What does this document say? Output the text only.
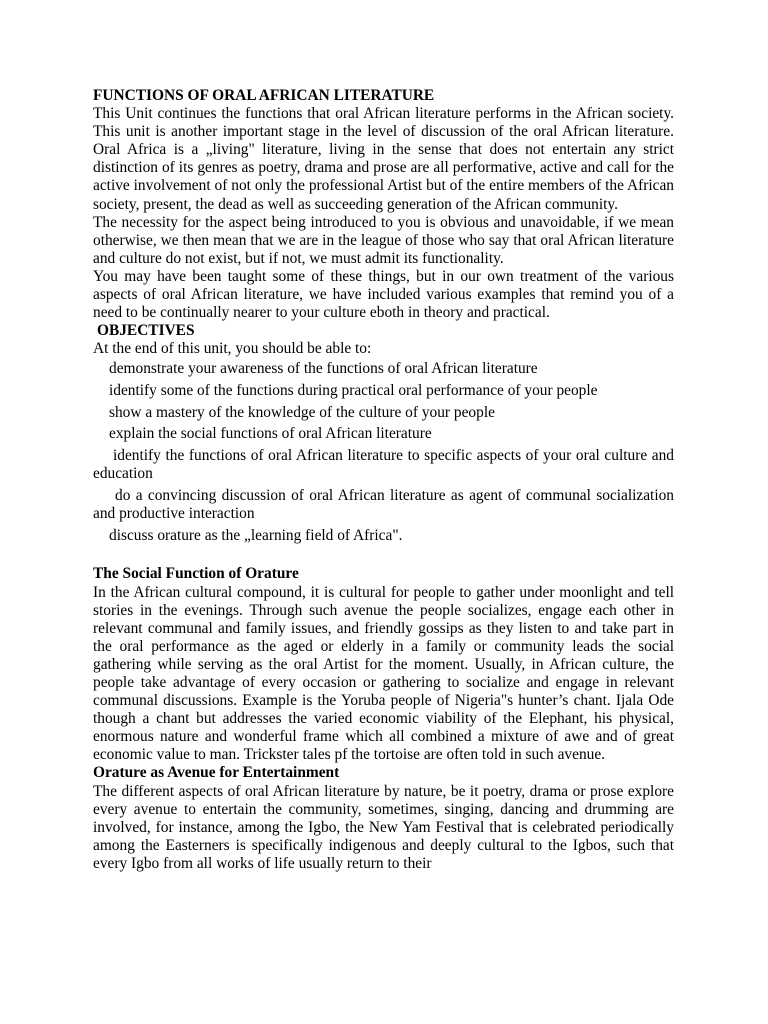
FUNCTIONS OF ORAL AFRICAN LITERATURE

This Unit continues the functions that oral African literature performs in the African society. This unit is another important stage in the level of discussion of the oral African literature. Oral Africa is a „living" literature, living in the sense that does not entertain any strict distinction of its genres as poetry, drama and prose are all performative, active and call for the active involvement of not only the professional Artist but of the entire members of the African society, present, the dead as well as succeeding generation of the African community.

The necessity for the aspect being introduced to you is obvious and unavoidable, if we mean otherwise, we then mean that we are in the league of those who say that oral African literature and culture do not exist, but if not, we must admit its functionality.

You may have been taught some of these things, but in our own treatment of the various aspects of oral African literature, we have included various examples that remind you of a need to be continually nearer to your culture eboth in theory and practical.

OBJECTIVES

At the end of this unit, you should be able to:

demonstrate your awareness of the functions of oral African literature
identify some of the functions during practical oral performance of your people
show a mastery of the knowledge of the culture of your people
explain the social functions of oral African literature
identify the functions of oral African literature to specific aspects of your oral culture and education
do a convincing discussion of oral African literature as agent of communal socialization and productive interaction
discuss orature as the „learning field of Africa".

The Social Function of Orature

In the African cultural compound, it is cultural for people to gather under moonlight and tell stories in the evenings. Through such avenue the people socializes, engage each other in relevant communal and family issues, and friendly gossips as they listen to and take part in the oral performance as the aged or elderly in a family or community leads the social gathering while serving as the oral Artist for the moment. Usually, in African culture, the people take advantage of every occasion or gathering to socialize and engage in relevant communal discussions. Example is the Yoruba people of Nigeria"s hunter’s chant. Ijala Ode though a chant but addresses the varied economic viability of the Elephant, his physical, enormous nature and wonderful frame which all combined a mixture of awe and of great economic value to man. Trickster tales pf the tortoise are often told in such avenue.

Orature as Avenue for Entertainment

The different aspects of oral African literature by nature, be it poetry, drama or prose explore every avenue to entertain the community, sometimes, singing, dancing and drumming are involved, for instance, among the Igbo, the New Yam Festival that is celebrated periodically among the Easterners is specifically indigenous and deeply cultural to the Igbos, such that every Igbo from all works of life usually return to their
